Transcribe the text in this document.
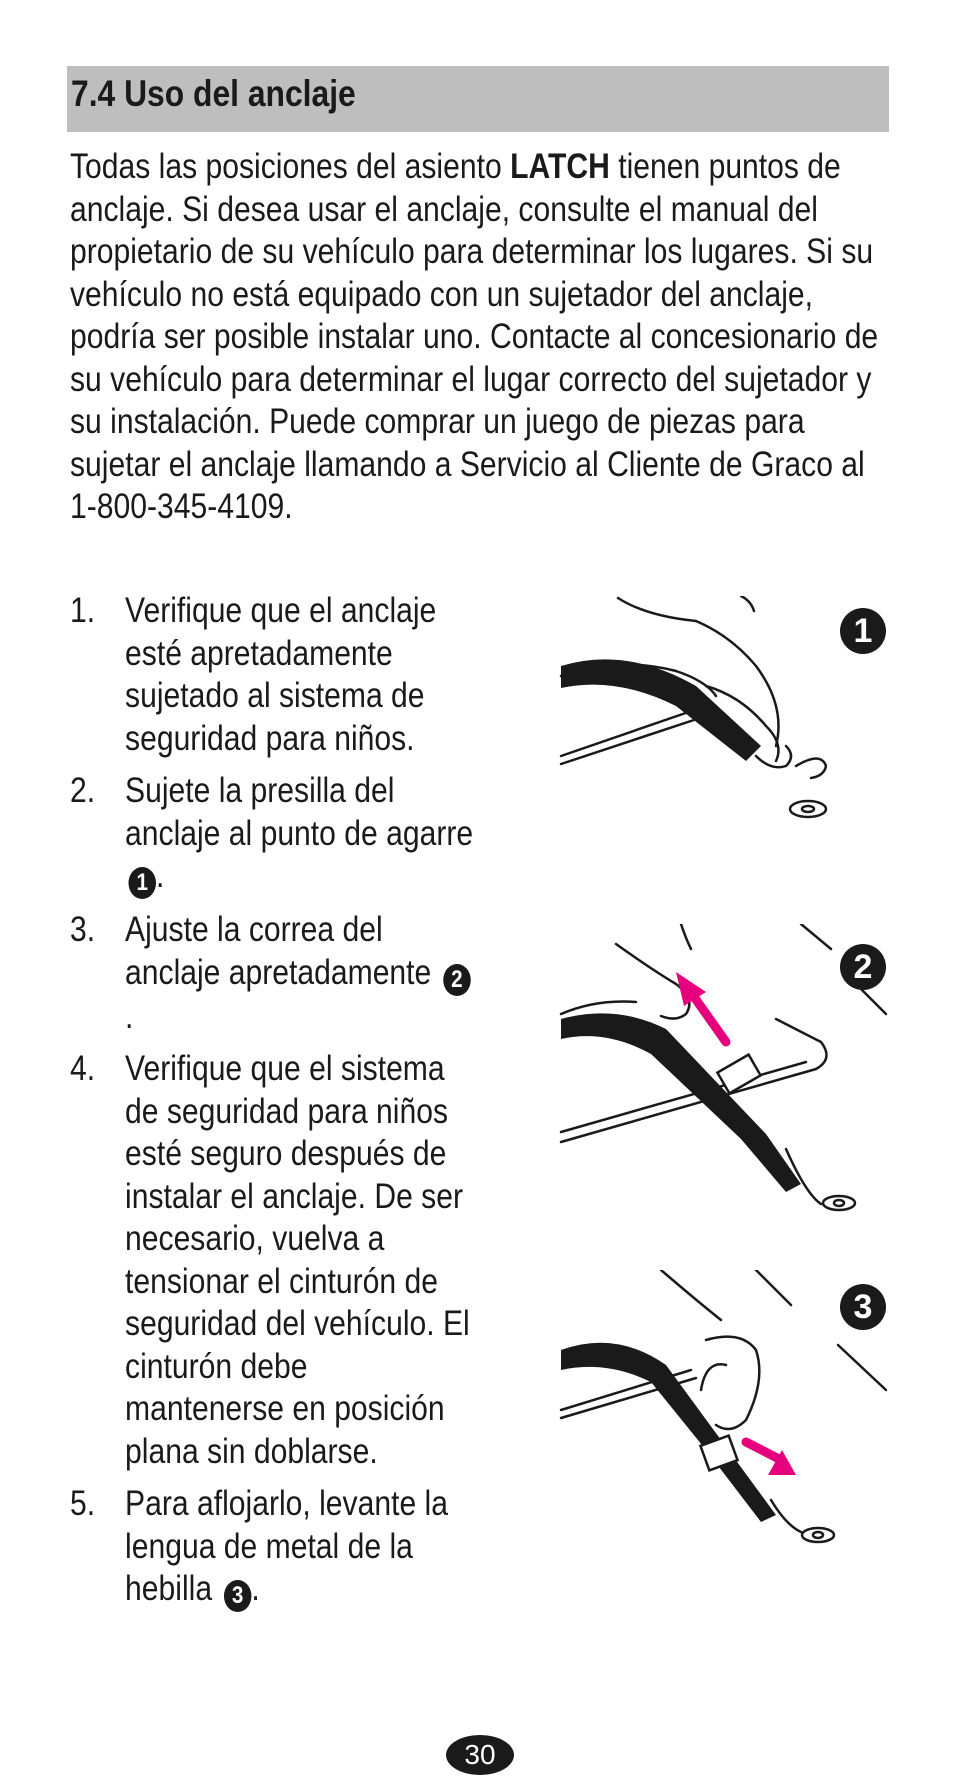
7.4 Uso del anclaje

Todas las posiciones del asiento LATCH tienen puntos de anclaje. Si desea usar el anclaje, consulte el manual del propietario de su vehículo para determinar los lugares. Si su vehículo no está equipado con un sujetador del anclaje, podría ser posible instalar uno. Contacte al concesionario de su vehículo para determinar el lugar correcto del sujetador y su instalación. Puede comprar un juego de piezas para sujetar el anclaje llamando a Servicio al Cliente de Graco al 1-800-345-4109.

1. Verifique que el anclaje esté apretadamente sujetado al sistema de seguridad para niños.
2. Sujete la presilla del anclaje al punto de agarre 1 .
3. Ajuste la correa del anclaje apretadamente 2.
4. Verifique que el sistema de seguridad para niños esté seguro después de instalar el anclaje. De ser necesario, vuelva a tensionar el cinturón de seguridad del vehículo. El cinturón debe mantenerse en posición plana sin doblarse.
5. Para aflojarlo, levante la lengua de metal de la hebilla 3 .
1
2
3
30
